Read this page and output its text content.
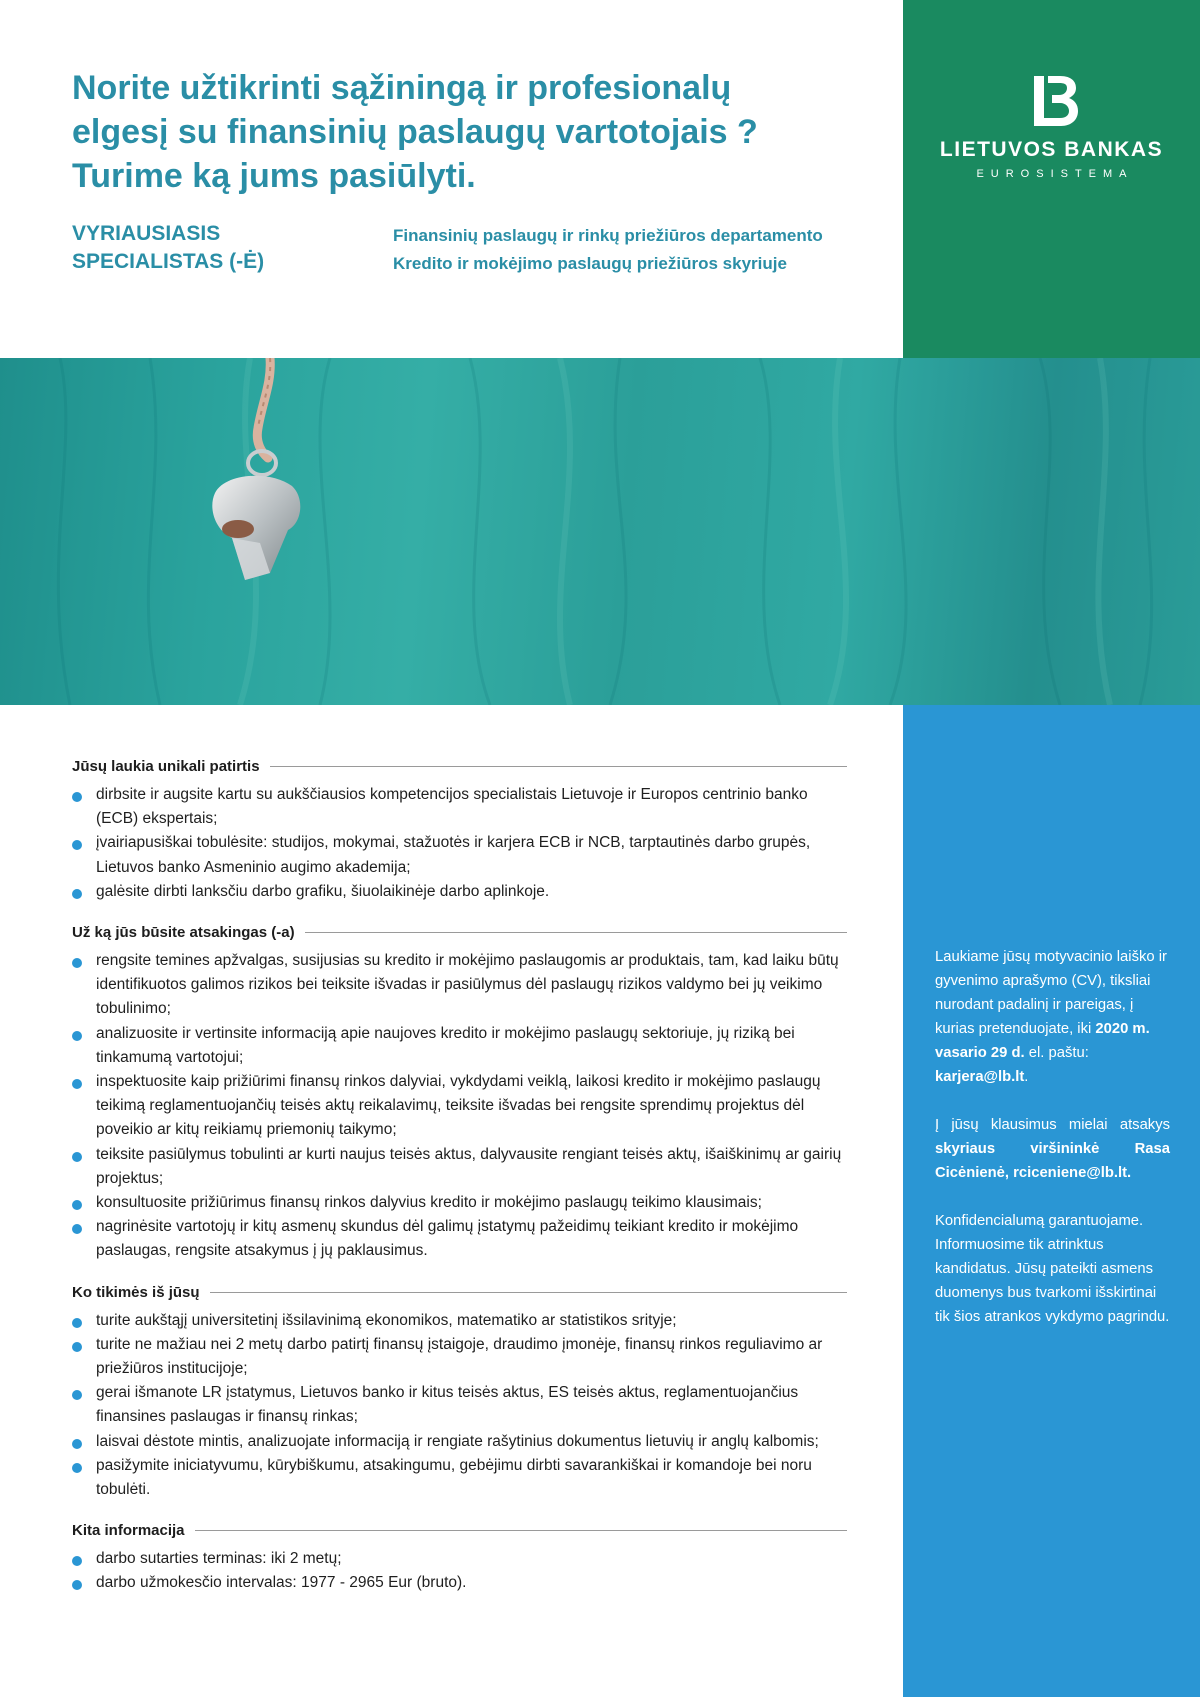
LIETUVOS BANKAS
EUROSISTEMA
Norite užtikrinti sąžiningą ir profesionalų elgesį su finansinių paslaugų vartotojais ? Turime ką jums pasiūlyti.
VYRIAUSIASIS
SPECIALISTAS (-Ė)
Finansinių paslaugų ir rinkų priežiūros departamento
Kredito ir mokėjimo paslaugų priežiūros skyriuje
Jūsų laukia unikali patirtis
dirbsite ir augsite kartu su aukščiausios kompetencijos specialistais Lietuvoje ir Europos centrinio banko (ECB) ekspertais;
įvairiapusiškai tobulėsite: studijos, mokymai, stažuotės ir karjera ECB ir NCB, tarptautinės darbo grupės, Lietuvos banko Asmeninio augimo akademija;
galėsite dirbti lanksčiu darbo grafiku, šiuolaikinėje darbo aplinkoje.
Už ką jūs būsite atsakingas (-a)
rengsite temines apžvalgas, susijusias su kredito ir mokėjimo paslaugomis ar produktais, tam, kad laiku būtų identifikuotos galimos rizikos bei teiksite išvadas ir pasiūlymus dėl paslaugų rizikos valdymo bei jų veikimo tobulinimo;
analizuosite ir vertinsite informaciją apie naujoves kredito ir mokėjimo paslaugų sektoriuje, jų riziką bei tinkamumą vartotojui;
inspektuosite kaip prižiūrimi finansų rinkos dalyviai, vykdydami veiklą, laikosi kredito ir mokėjimo paslaugų teikimą reglamentuojančių teisės aktų reikalavimų, teiksite išvadas bei rengsite sprendimų projektus dėl poveikio ar kitų reikiamų priemonių taikymo;
teiksite pasiūlymus tobulinti ar kurti naujus teisės aktus, dalyvausite rengiant teisės aktų, išaiškinimų ar gairių projektus;
konsultuosite prižiūrimus finansų rinkos dalyvius kredito ir mokėjimo paslaugų teikimo klausimais;
nagrinėsite vartotojų ir kitų asmenų skundus dėl galimų įstatymų pažeidimų teikiant kredito ir mokėjimo paslaugas, rengsite atsakymus į jų paklausimus.
Ko tikimės iš jūsų
turite aukštąjį universitetinį išsilavinimą ekonomikos, matematiko ar statistikos srityje;
turite ne mažiau nei 2 metų darbo patirtį finansų įstaigoje, draudimo įmonėje, finansų rinkos reguliavimo ar priežiūros institucijoje;
gerai išmanote LR įstatymus, Lietuvos banko ir kitus teisės aktus, ES teisės aktus, reglamentuojančius finansines paslaugas ir finansų rinkas;
laisvai dėstote mintis, analizuojate informaciją ir rengiate rašytinius dokumentus lietuvių ir anglų kalbomis;
pasižymite iniciatyvumu, kūrybiškumu, atsakingumu, gebėjimu dirbti savarankiškai ir komandoje bei noru tobulėti.
Kita informacija
darbo sutarties terminas: iki 2 metų;
darbo užmokesčio intervalas: 1977 - 2965 Eur (bruto).

Laukiame jūsų motyvacinio laiško ir gyvenimo aprašymo (CV), tiksliai nurodant padalinį ir pareigas, į kurias pretenduojate, iki 2020 m. vasario 29 d. el. paštu: karjera@lb.lt.

Į jūsų klausimus mielai atsakys skyriaus viršininkė Rasa Cicėnienė, rciceniene@lb.lt.

Konfidencialumą garantuojame. Informuosime tik atrinktus kandidatus. Jūsų pateikti asmens duomenys bus tvarkomi išskirtinai tik šios atrankos vykdymo pagrindu.
